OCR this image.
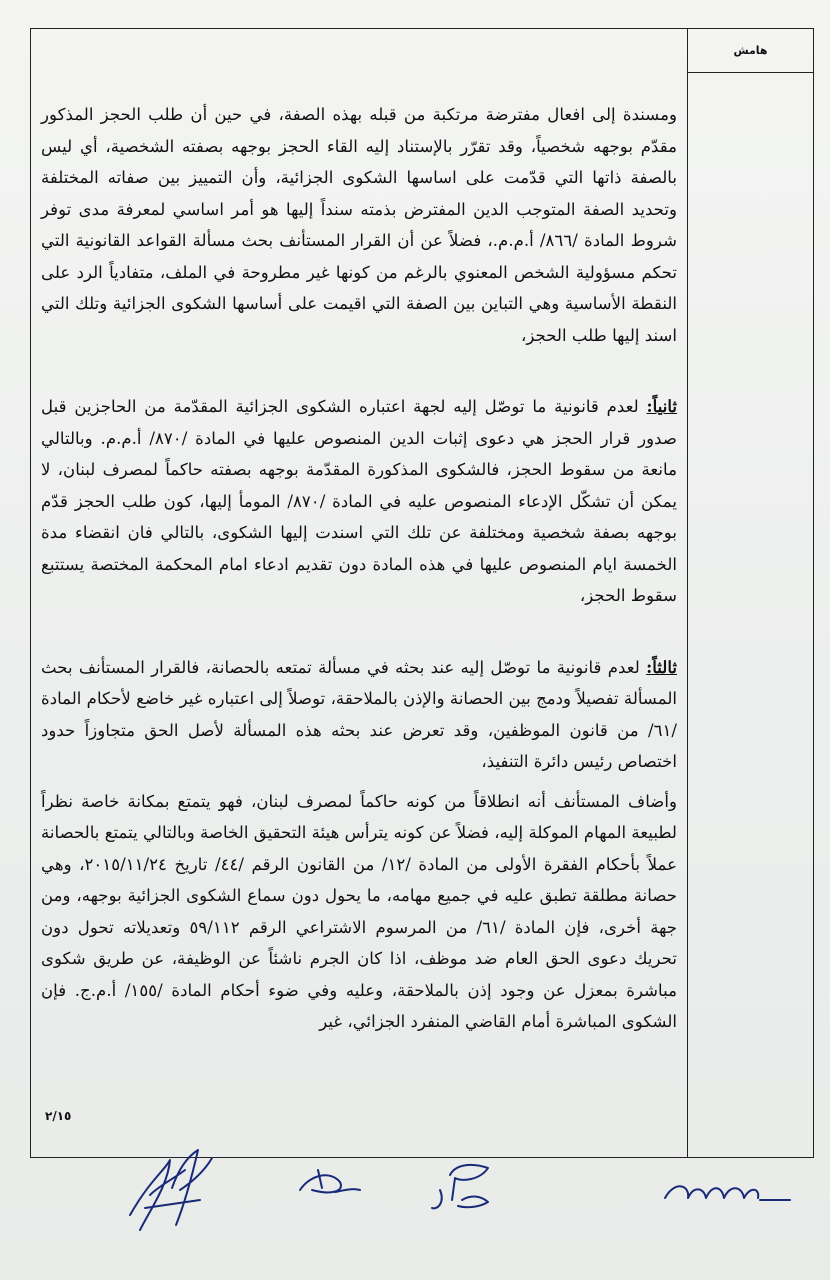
ومسندة إلى افعال مفترضة مرتكبة من قبله بهذه الصفة، في حين أن طلب الحجز المذكور مقدّم بوجهه شخصياً، وقد تقرّر بالإستناد إليه القاء الحجز بوجهه بصفته الشخصية، أي ليس بالصفة ذاتها التي قدّمت على اساسها الشكوى الجزائية، وأن التمييز بين صفاته المختلفة وتحديد الصفة المتوجب الدين المفترض بذمته سنداً إليها هو أمر اساسي لمعرفة مدى توفر شروط المادة /٨٦٦/ أ.م.م.، فضلاً عن أن القرار المستأنف بحث مسألة القواعد القانونية التي تحكم مسؤولية الشخص المعنوي بالرغم من كونها غير مطروحة في الملف، متفادياً الرد على النقطة الأساسية وهي التباين بين الصفة التي اقيمت على أساسها الشكوى الجزائية وتلك التي اسند إليها طلب الحجز،

ثانياً: لعدم قانونية ما توصّل إليه لجهة اعتباره الشكوى الجزائية المقدّمة من الحاجزين قبل صدور قرار الحجز هي دعوى إثبات الدين المنصوص عليها في المادة /٨٧٠/ أ.م.م. وبالتالي مانعة من سقوط الحجز، فالشكوى المذكورة المقدّمة بوجهه بصفته حاكماً لمصرف لبنان، لا يمكن أن تشكّل الإدعاء المنصوص عليه في المادة /٨٧٠/ المومأ إليها، كون طلب الحجز قدّم بوجهه بصفة شخصية ومختلفة عن تلك التي اسندت إليها الشكوى، بالتالي فان انقضاء مدة الخمسة ايام المنصوص عليها في هذه المادة دون تقديم ادعاء امام المحكمة المختصة يستتبع سقوط الحجز،

ثالثاً: لعدم قانونية ما توصّل إليه عند بحثه في مسألة تمتعه بالحصانة، فالقرار المستأنف بحث المسألة تفصيلاً ودمج بين الحصانة والإذن بالملاحقة، توصلاً إلى اعتباره غير خاضع لأحكام المادة /٦١/ من قانون الموظفين، وقد تعرض عند بحثه هذه المسألة لأصل الحق متجاوزاً حدود اختصاص رئيس دائرة التنفيذ،

وأضاف المستأنف أنه انطلاقاً من كونه حاكماً لمصرف لبنان، فهو يتمتع بمكانة خاصة نظراً لطبيعة المهام الموكلة إليه، فضلاً عن كونه يترأس هيئة التحقيق الخاصة وبالتالي يتمتع بالحصانة عملاً بأحكام الفقرة الأولى من المادة /١٢/ من القانون الرقم /٤٤/ تاريخ ٢٠١٥/١١/٢٤، وهي حصانة مطلقة تطبق عليه في جميع مهامه، ما يحول دون سماع الشكوى الجزائية بوجهه، ومن جهة أخرى، فإن المادة /٦١/ من المرسوم الاشتراعي الرقم ٥٩/١١٢ وتعديلاته تحول دون تحريك دعوى الحق العام ضد موظف، اذا كان الجرم ناشئاً عن الوظيفة، عن طريق شكوى مباشرة بمعزل عن وجود إذن بالملاحقة، وعليه وفي ضوء أحكام المادة /١٥٥/ أ.م.ج. فإن الشكوى المباشرة أمام القاضي المنفرد الجزائي، غير

٢/١٥
هامش
